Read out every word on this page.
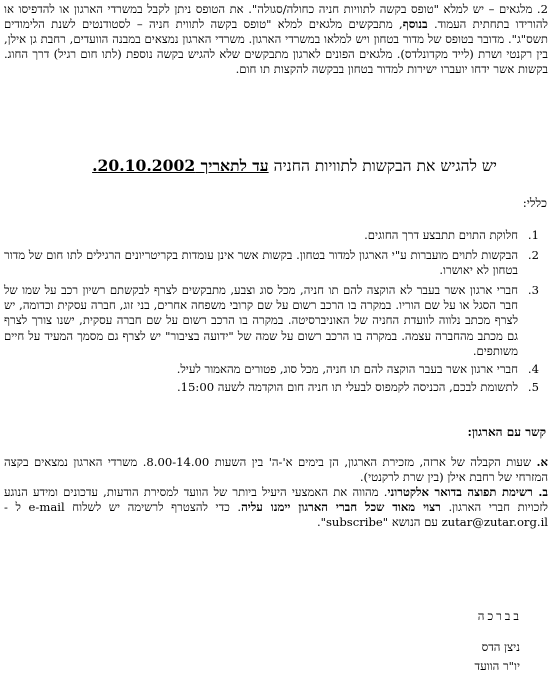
2. מלגאים – יש למלא "טופס בקשה לתוויות חניה כחולה/סגולה". את הטופס ניתן לקבל במשרדי הארגון או להדפיסו או להורידו בתחתית העמוד. בנוסף, מתבקשים מלגאים למלא "טופס בקשה לתווית חניה – לסטודנטים לשנת הלימודים תשס"ג". מדובר בטופס של מדור בטחון ויש למלאו במשרדי הארגון. משרדי הארגון נמצאים במבנה הוועדים, רחבת גן אילן, בין רקנטי ושרת (לייד מקדונלדס). מלגאים הפונים לארגון מתבקשים שלא להגיש בקשה נוספת (לתו חום רגיל) דרך החוג. בקשות אשר ידחו יועברו ישירות למדור בטחון בבקשה להקצות תו חום.

יש להגיש את הבקשות לתוויות החניה עד לתאריך 20.10.2002.

כללי:

1.
חלוקת התוים תתבצע דרך החוגים.
2.
הבקשות לתוים מועברות ע"י הארגון למדור בטחון. בקשות אשר אינן עומדות בקריטריונים הרגילים לתו חום של מדור בטחון לא יאושרו.
3.
חברי ארגון אשר בעבר לא הוקצה להם תו חניה, מכל סוג וצבע, מתבקשים לצרף לבקשתם רשיון רכב על שמו של חבר הסגל או על שם הוריו. במקרה בו הרכב רשום על שם קרובי משפחה אחרים, בני זוג, חברה עסקית וכדומה, יש לצרף מכתב נלווה לוועדת החניה של האוניברסיטה. במקרה בו הרכב רשום על שם חברה עסקית, ישנו צורך לצרף גם מכתב מהחברה עצמה. במקרה בו הרכב רשום על שמה של "ידועה בציבור" יש לצרף גם מסמך המעיד על חיים משותפים.
4.
חברי ארגון אשר בעבר הוקצה להם תו חניה, מכל סוג, פטורים מהאמור לעיל.
5.
לתשומת לבכם, הכניסה לקמפוס לבעלי תו חניה חום הוקדמה לשעה 15:00.

קשר עם הארגון:

א. שעות הקבלה של ארזה, מזכירת הארגון, הן בימים א'-ה' בין השעות 8.00-14.00. משרדי הארגון נמצאים בקצה המזרחי של רחבת אילן (בין שרת לרקנטי).

ב. רשימת תפוצה בדואר אלקטרוני. מהווה את האמצעי היעיל ביותר של הוועד למסירת הודעות, עדכונים ומידע הנוגע לזכויות חברי הארגון. רצוי מאוד שכל חברי הארגון יימנו עליה. כדי להצטרף לרשימה יש לשלוח e-mail ל - zutar@zutar.org.il עם הנושא "subscribe".

בברכה

ניצן הדס

יו"ר הוועד
